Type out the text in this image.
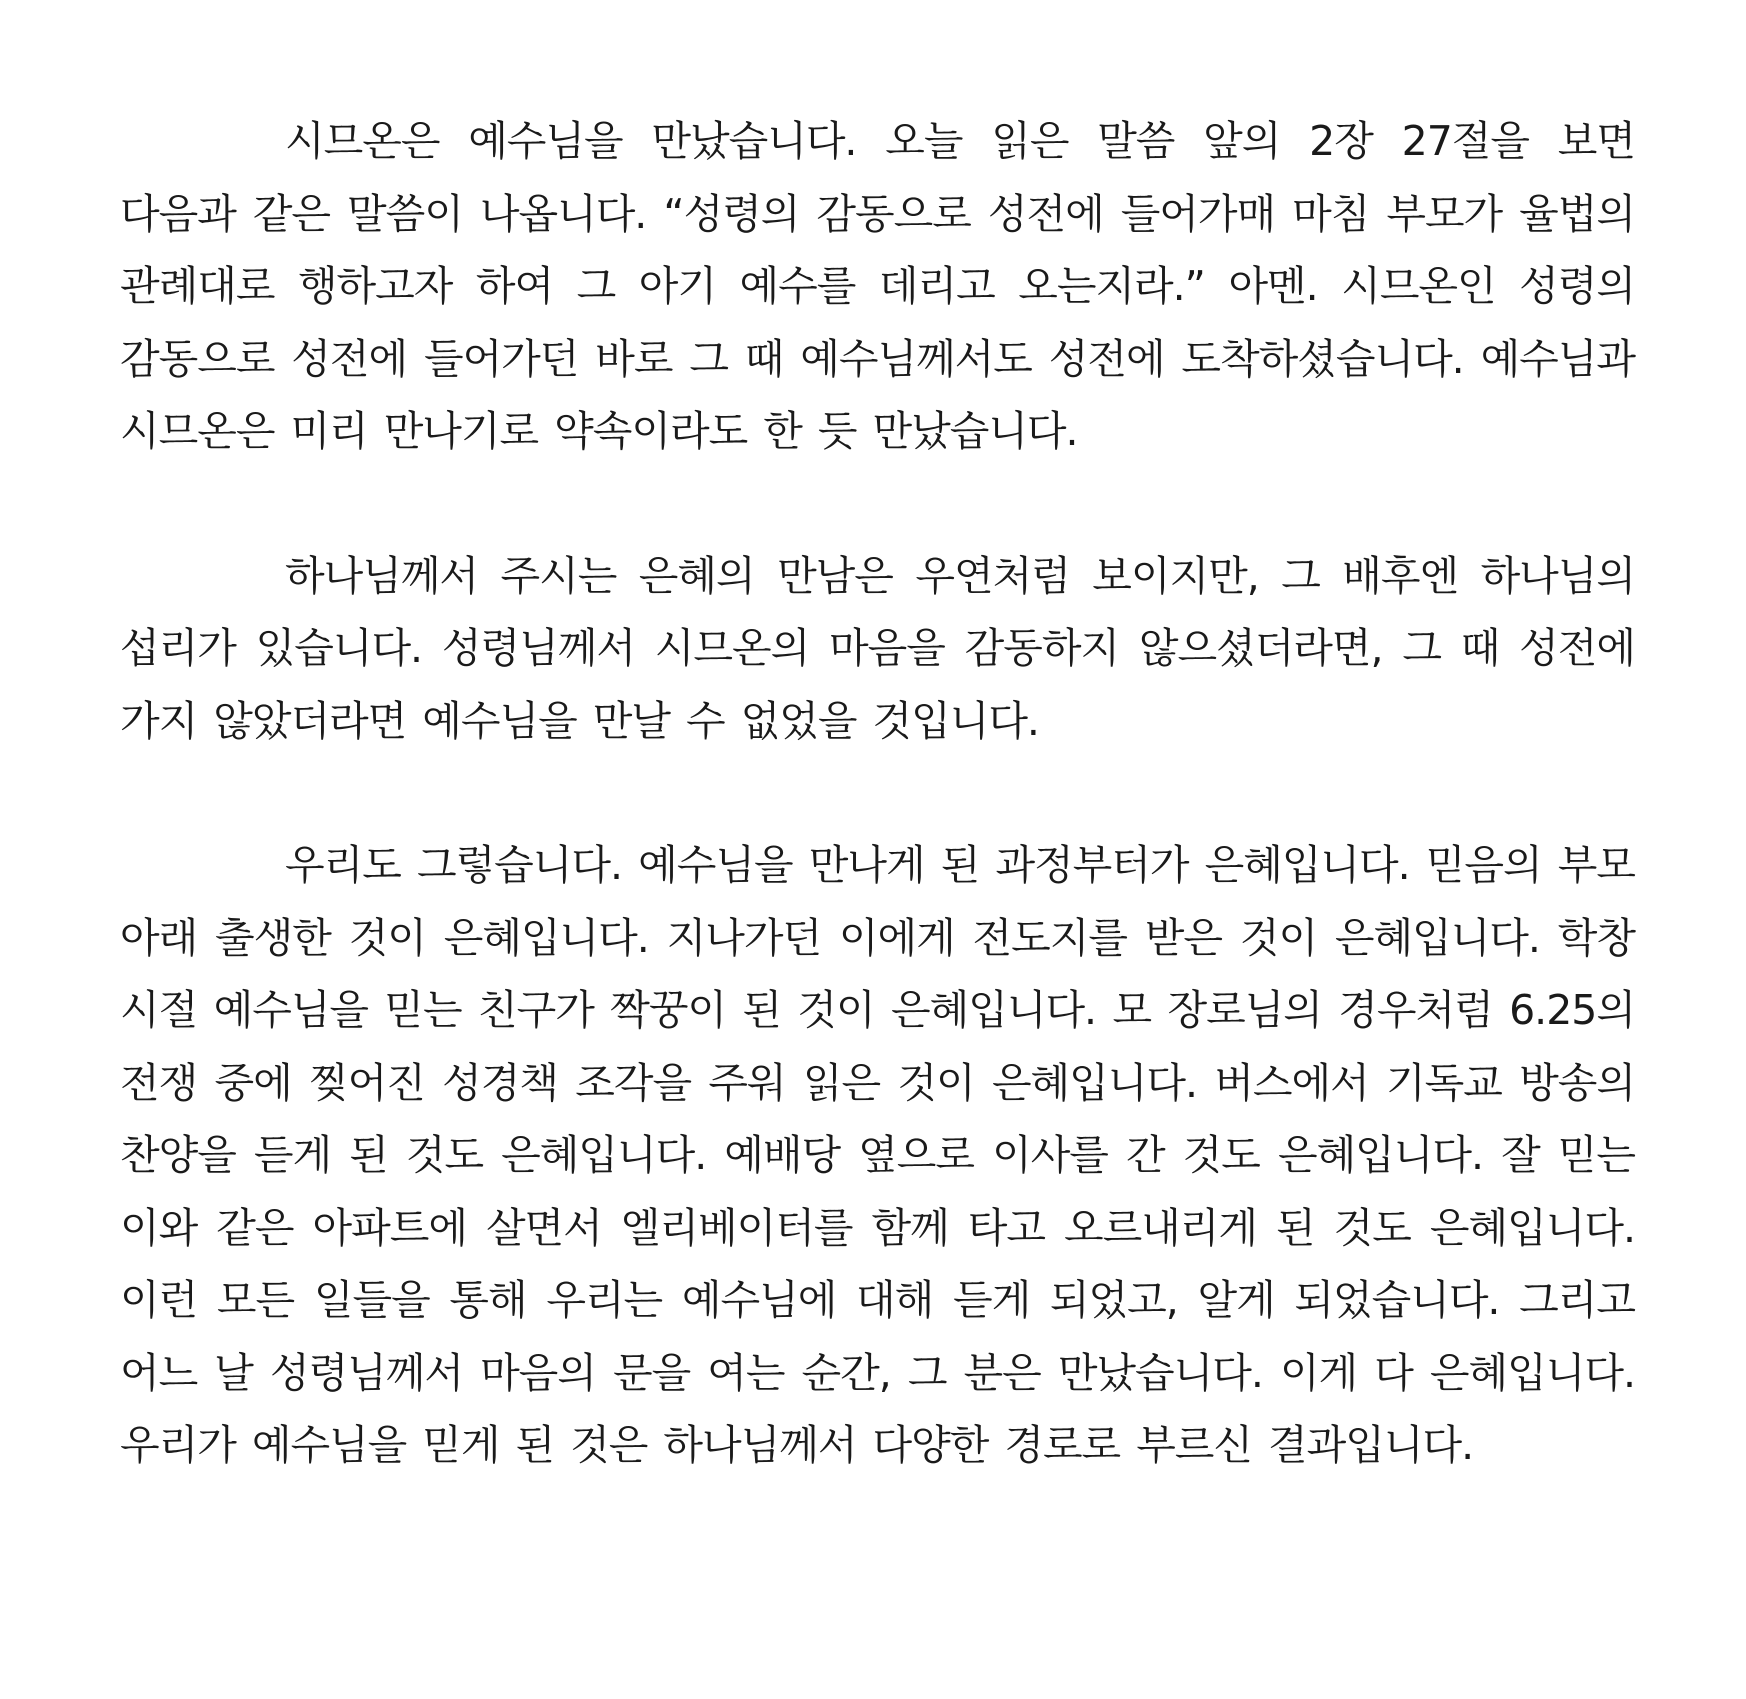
시므온은 예수님을 만났습니다. 오늘 읽은 말씀 앞의 2장 27절을 보면 다음과 같은 말씀이 나옵니다. “성령의 감동으로 성전에 들어가매 마침 부모가 율법의 관례대로 행하고자 하여 그 아기 예수를 데리고 오는지라.” 아멘. 시므온인 성령의 감동으로 성전에 들어가던 바로 그 때 예수님께서도 성전에 도착하셨습니다. 예수님과 시므온은 미리 만나기로 약속이라도 한 듯 만났습니다.

하나님께서 주시는 은혜의 만남은 우연처럼 보이지만, 그 배후엔 하나님의 섭리가 있습니다. 성령님께서 시므온의 마음을 감동하지 않으셨더라면, 그 때 성전에 가지 않았더라면 예수님을 만날 수 없었을 것입니다.

우리도 그렇습니다. 예수님을 만나게 된 과정부터가 은혜입니다. 믿음의 부모 아래 출생한 것이 은혜입니다. 지나가던 이에게 전도지를 받은 것이 은혜입니다. 학창 시절 예수님을 믿는 친구가 짝꿍이 된 것이 은혜입니다. 모 장로님의 경우처럼 6.25의 전쟁 중에 찢어진 성경책 조각을 주워 읽은 것이 은혜입니다. 버스에서 기독교 방송의 찬양을 듣게 된 것도 은혜입니다. 예배당 옆으로 이사를 간 것도 은혜입니다. 잘 믿는 이와 같은 아파트에 살면서 엘리베이터를 함께 타고 오르내리게 된 것도 은혜입니다. 이런 모든 일들을 통해 우리는 예수님에 대해 듣게 되었고, 알게 되었습니다. 그리고 어느 날 성령님께서 마음의 문을 여는 순간, 그 분은 만났습니다. 이게 다 은혜입니다. 우리가 예수님을 믿게 된 것은 하나님께서 다양한 경로로 부르신 결과입니다.
